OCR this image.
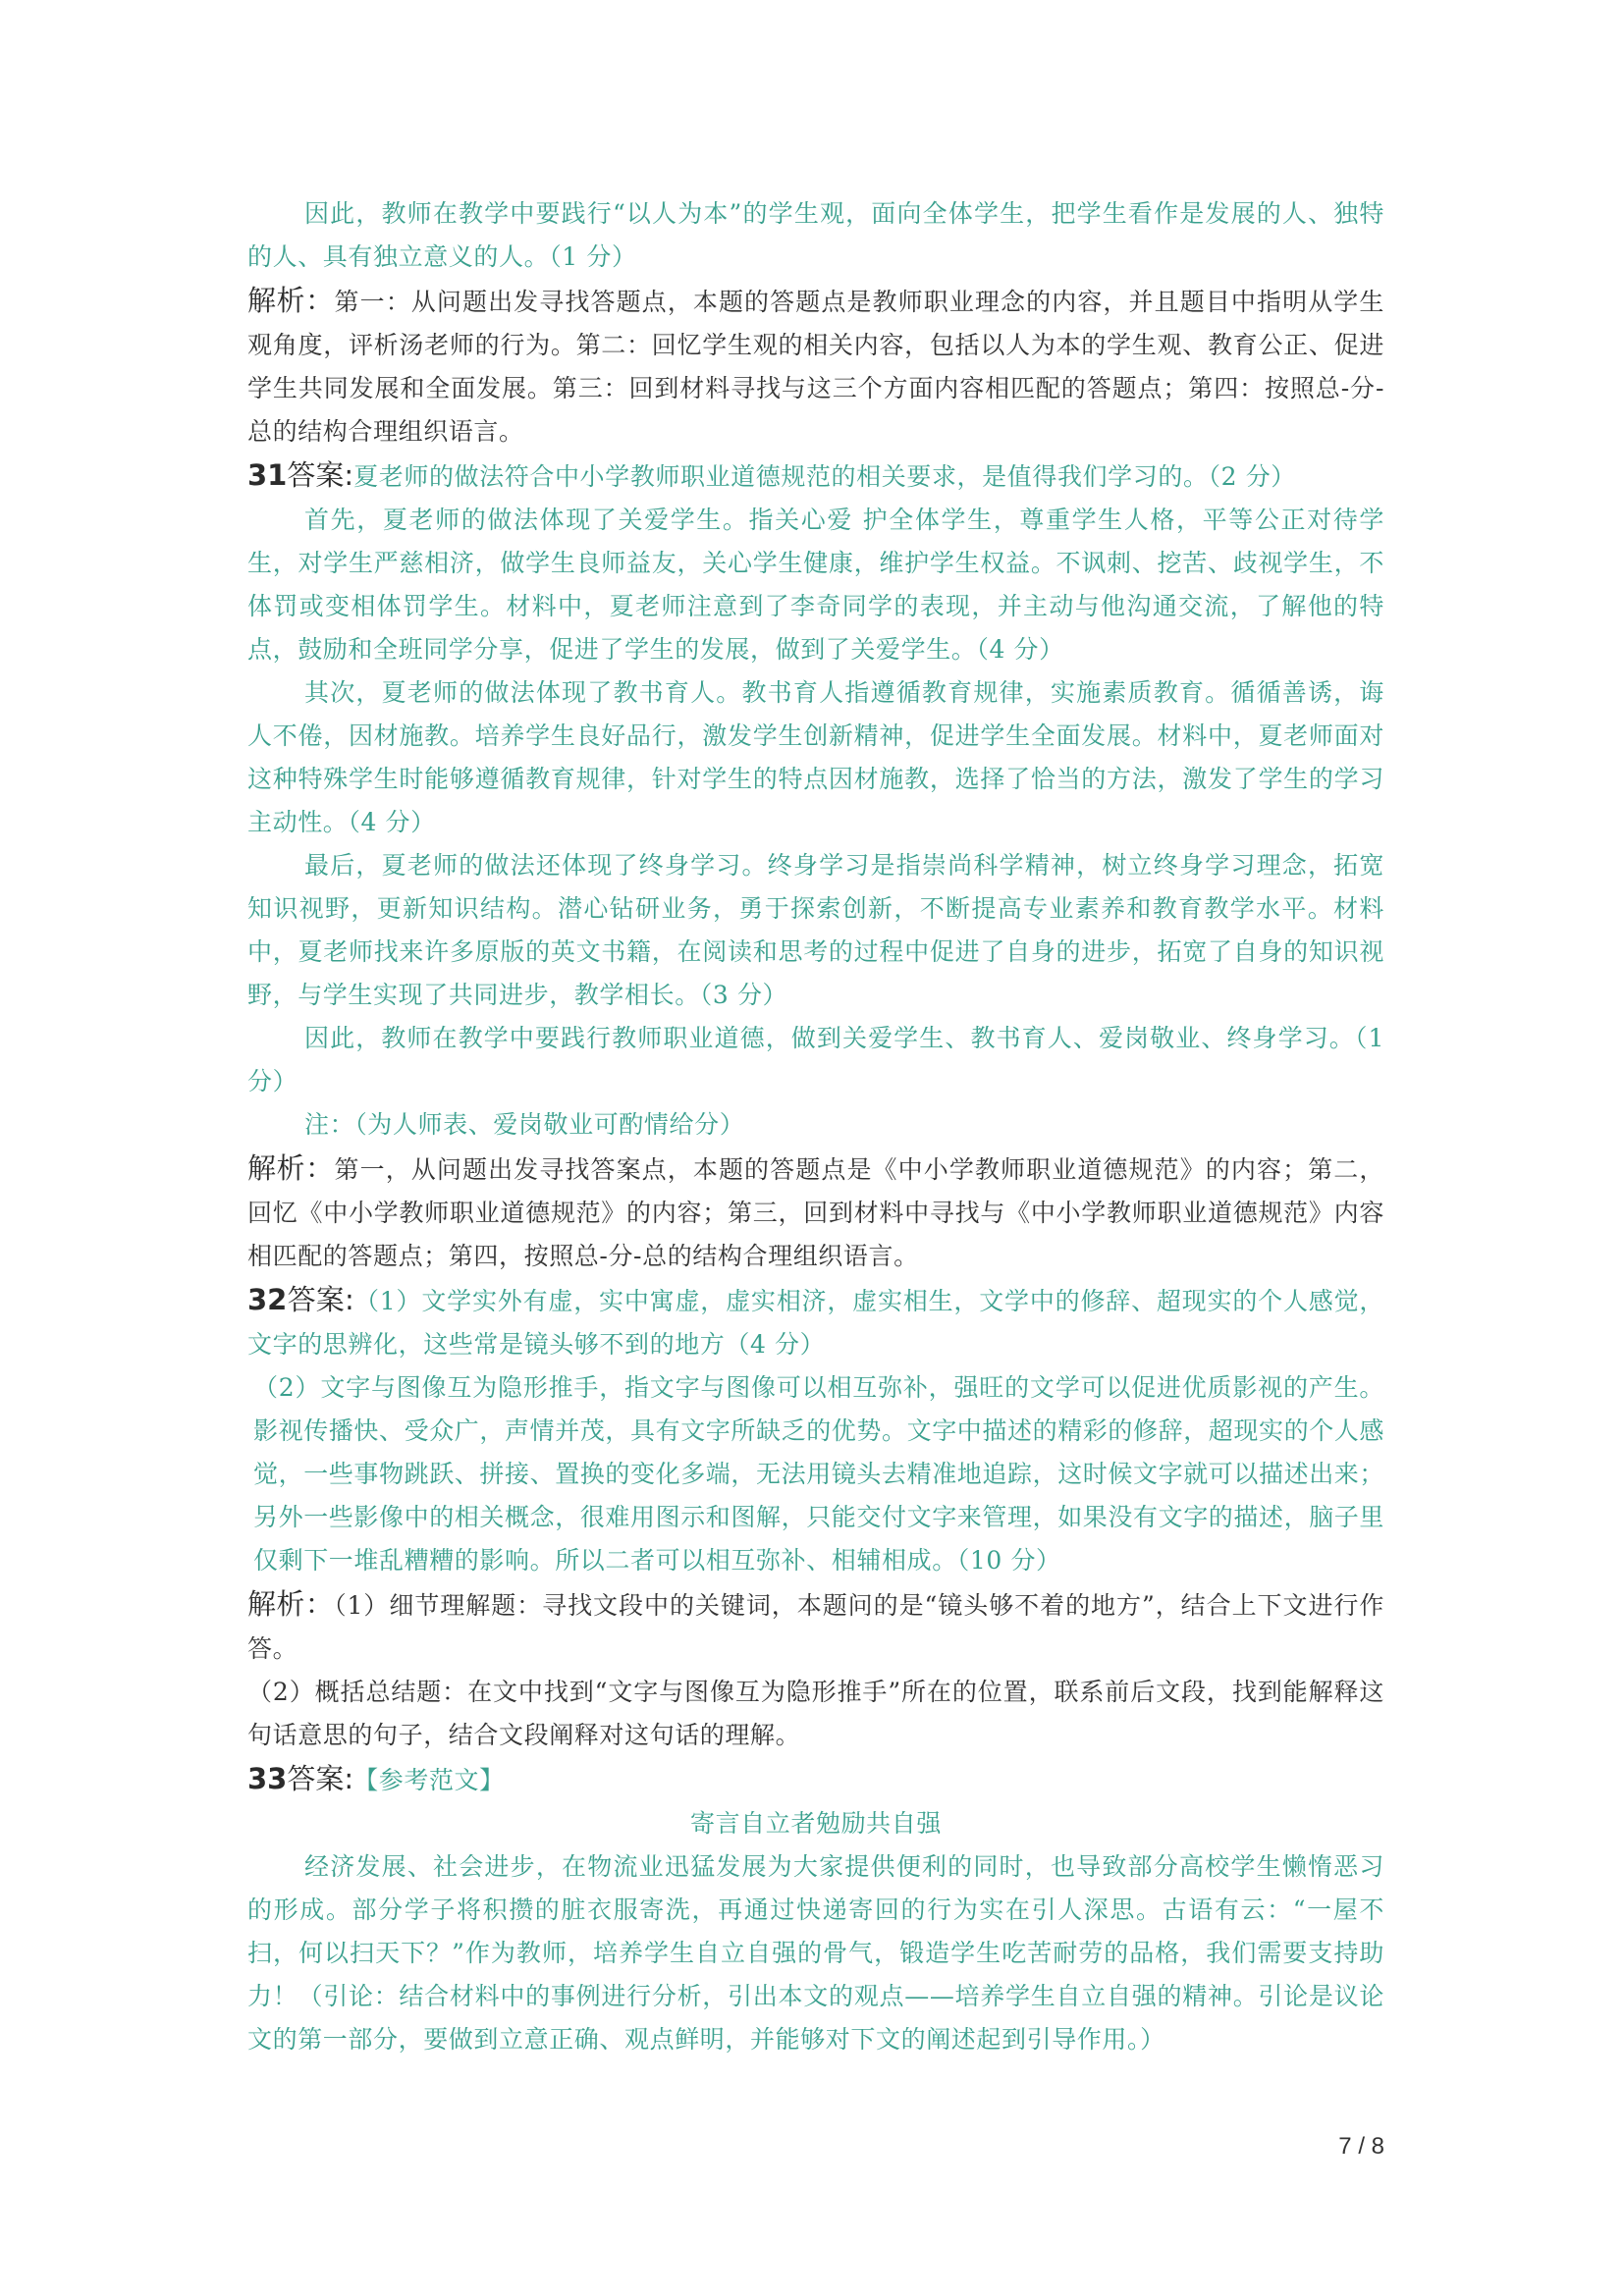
因此，教师在教学中要践行“以人为本”的学生观，面向全体学生，把学生看作是发展的人、独特的人、具有独立意义的人。（1 分）

解析：第一：从问题出发寻找答题点，本题的答题点是教师职业理念的内容，并且题目中指明从学生观角度，评析汤老师的行为。第二：回忆学生观的相关内容，包括以人为本的学生观、教育公正、促进学生共同发展和全面发展。第三：回到材料寻找与这三个方面内容相匹配的答题点；第四：按照总-分-总的结构合理组织语言。

31答案:夏老师的做法符合中小学教师职业道德规范的相关要求，是值得我们学习的。（2 分）

首先，夏老师的做法体现了关爱学生。指关心爱 护全体学生，尊重学生人格，平等公正对待学生，对学生严慈相济，做学生良师益友，关心学生健康，维护学生权益。不讽刺、挖苦、歧视学生，不体罚或变相体罚学生。材料中，夏老师注意到了李奇同学的表现，并主动与他沟通交流，了解他的特点，鼓励和全班同学分享，促进了学生的发展，做到了关爱学生。（4 分）

其次，夏老师的做法体现了教书育人。教书育人指遵循教育规律，实施素质教育。循循善诱，诲人不倦，因材施教。培养学生良好品行，激发学生创新精神，促进学生全面发展。材料中，夏老师面对这种特殊学生时能够遵循教育规律，针对学生的特点因材施教，选择了恰当的方法，激发了学生的学习主动性。（4 分）

最后，夏老师的做法还体现了终身学习。终身学习是指崇尚科学精神，树立终身学习理念，拓宽知识视野，更新知识结构。潜心钻研业务，勇于探索创新，不断提高专业素养和教育教学水平。材料中，夏老师找来许多原版的英文书籍，在阅读和思考的过程中促进了自身的进步，拓宽了自身的知识视野，与学生实现了共同进步，教学相长。（3 分）

因此，教师在教学中要践行教师职业道德，做到关爱学生、教书育人、爱岗敬业、终身学习。（1 分）

注：（为人师表、爱岗敬业可酌情给分）

解析：第一，从问题出发寻找答案点，本题的答题点是《中小学教师职业道德规范》的内容；第二，回忆《中小学教师职业道德规范》的内容；第三，回到材料中寻找与《中小学教师职业道德规范》内容相匹配的答题点；第四，按照总-分-总的结构合理组织语言。

32答案:（1）文学实外有虚，实中寓虚，虚实相济，虚实相生，文学中的修辞、超现实的个人感觉，文字的思辨化，这些常是镜头够不到的地方（4 分）

（2）文字与图像互为隐形推手，指文字与图像可以相互弥补，强旺的文学可以促进优质影视的产生。影视传播快、受众广，声情并茂，具有文字所缺乏的优势。文字中描述的精彩的修辞，超现实的个人感觉，一些事物跳跃、拼接、置换的变化多端，无法用镜头去精准地追踪，这时候文字就可以描述出来；另外一些影像中的相关概念，很难用图示和图解，只能交付文字来管理，如果没有文字的描述，脑子里仅剩下一堆乱糟糟的影响。所以二者可以相互弥补、相辅相成。（10 分）

解析：（1）细节理解题：寻找文段中的关键词，本题问的是“镜头够不着的地方”，结合上下文进行作答。

（2）概括总结题：在文中找到“文字与图像互为隐形推手”所在的位置，联系前后文段，找到能解释这句话意思的句子，结合文段阐释对这句话的理解。

33答案:【参考范文】

寄言自立者勉励共自强

经济发展、社会进步，在物流业迅猛发展为大家提供便利的同时，也导致部分高校学生懒惰恶习的形成。部分学子将积攒的脏衣服寄洗，再通过快递寄回的行为实在引人深思。古语有云：“一屋不扫，何以扫天下？”作为教师，培养学生自立自强的骨气，锻造学生吃苦耐劳的品格，我们需要支持助力！（引论：结合材料中的事例进行分析，引出本文的观点——培养学生自立自强的精神。引论是议论文的第一部分，要做到立意正确、观点鲜明，并能够对下文的阐述起到引导作用。）

7 / 8
